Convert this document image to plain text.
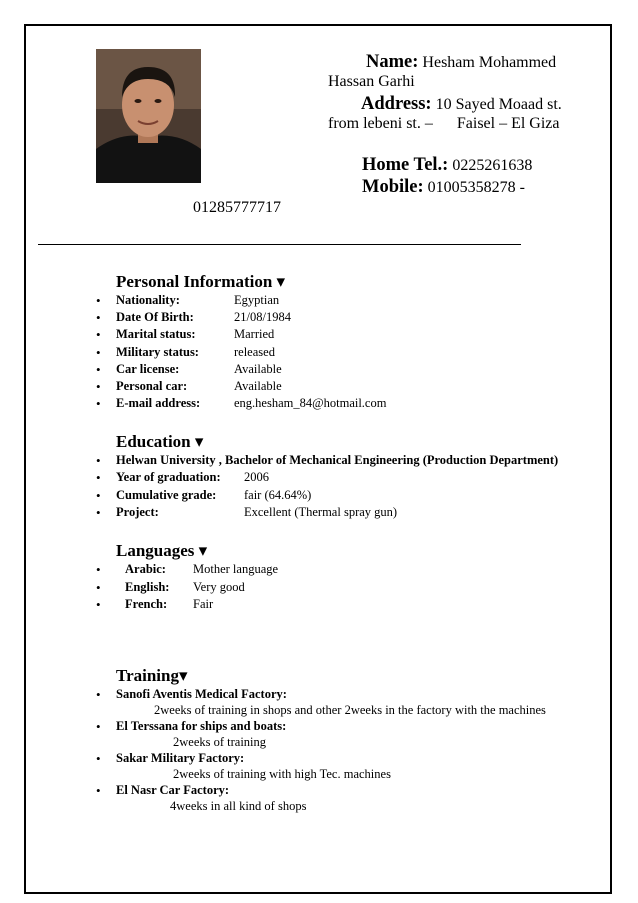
Name: Hesham Mohammed
Hassan Garhi
Address: 10 Sayed Moaad st.
from lebeni st. –      Faisel – El Giza
Home Tel.: 0225261638
Mobile: 01005358278 -
01285777717
Personal Information ▾
• Nationality:	Egyptian
• Date Of Birth:	21/08/1984
• Marital status:	Married
• Military status:	released
• Car license:	Available
• Personal car:	Available
• E-mail address:	eng.hesham_84@hotmail.com
Education ▾
• Helwan University , Bachelor of Mechanical Engineering (Production Department)
• Year of graduation: 2006
• Cumulative grade: fair (64.64%)
• Project:	Excellent (Thermal spray gun)
Languages ▾
• Arabic: Mother language
• English: Very good
• French: Fair
Training▾
• Sanofi Aventis Medical Factory:
2weeks of training in shops and other 2weeks in the factory with the machines
• El Terssana for ships and boats:
2weeks of training
• Sakar Military Factory:
2weeks of training with high Tec. machines
• El Nasr Car Factory:
4weeks in all kind of shops
